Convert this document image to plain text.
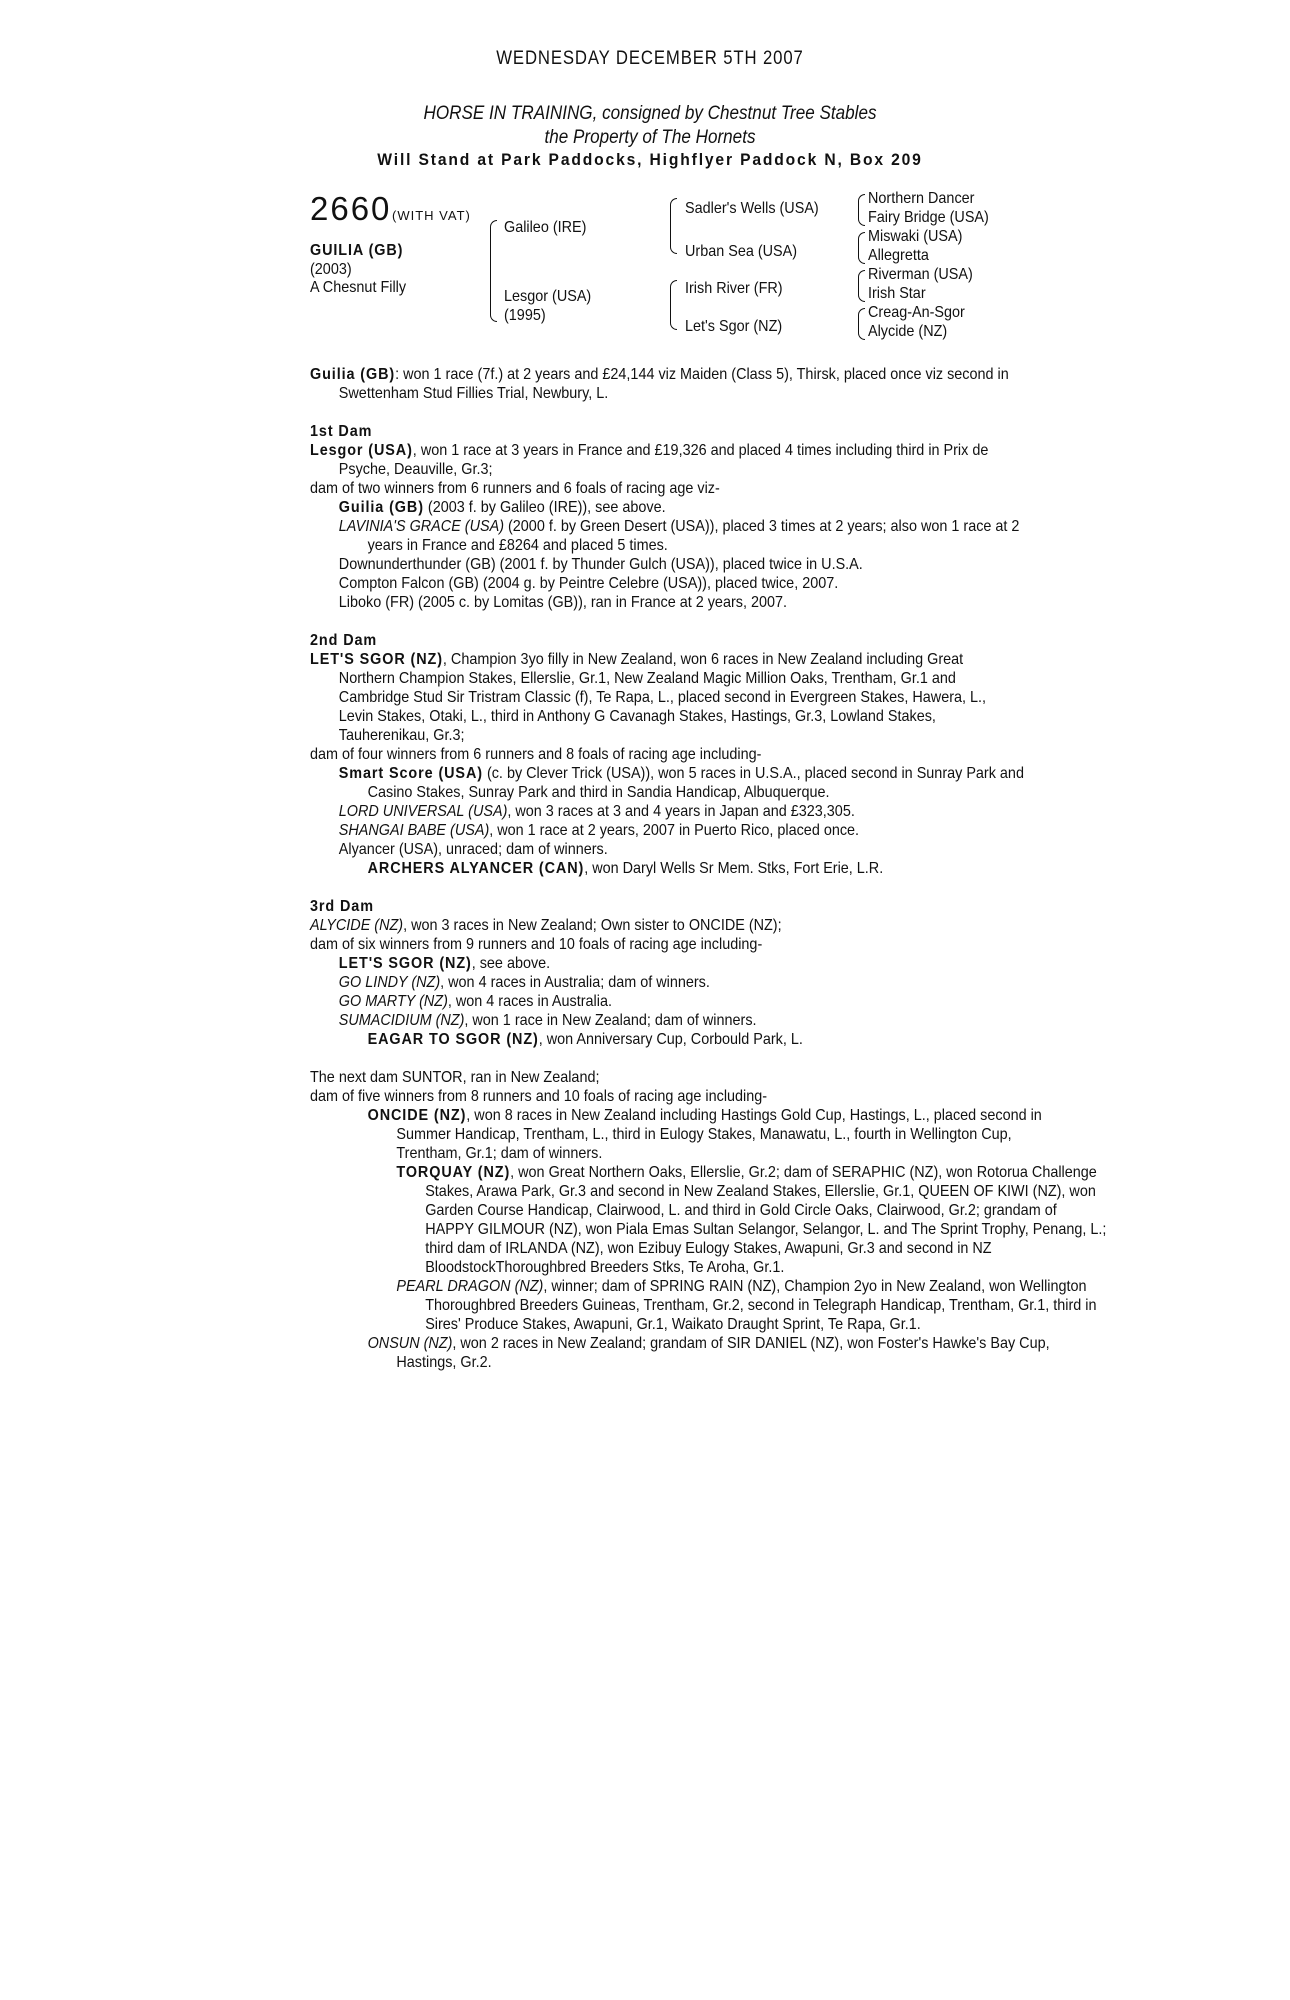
WEDNESDAY DECEMBER 5TH 2007
HORSE IN TRAINING, consigned by Chestnut Tree Stables
the Property of The Hornets
Will Stand at Park Paddocks, Highflyer Paddock N, Box 209
2660 (WITH VAT)
GUILIA (GB)
(2003)
A Chesnut Filly
Galileo (IRE)
Lesgor (USA)
(1995)
Sadler's Wells (USA)
Urban Sea (USA)
Irish River (FR)
Let's Sgor (NZ)
Northern Dancer
Fairy Bridge (USA)
Miswaki (USA)
Allegretta
Riverman (USA)
Irish Star
Creag-An-Sgor
Alycide (NZ)

Guilia (GB): won 1 race (7f.) at 2 years and £24,144 viz Maiden (Class 5), Thirsk, placed once viz second in Swettenham Stud Fillies Trial, Newbury, L.

1st Dam

Lesgor (USA), won 1 race at 3 years in France and £19,326 and placed 4 times including third in Prix de Psyche, Deauville, Gr.3;

dam of two winners from 6 runners and 6 foals of racing age viz-

Guilia (GB) (2003 f. by Galileo (IRE)), see above.

LAVINIA'S GRACE (USA) (2000 f. by Green Desert (USA)), placed 3 times at 2 years; also won 1 race at 2 years in France and £8264 and placed 5 times.

Downunderthunder (GB) (2001 f. by Thunder Gulch (USA)), placed twice in U.S.A.

Compton Falcon (GB) (2004 g. by Peintre Celebre (USA)), placed twice, 2007.

Liboko (FR) (2005 c. by Lomitas (GB)), ran in France at 2 years, 2007.

2nd Dam

LET'S SGOR (NZ), Champion 3yo filly in New Zealand, won 6 races in New Zealand including Great Northern Champion Stakes, Ellerslie, Gr.1, New Zealand Magic Million Oaks, Trentham, Gr.1 and Cambridge Stud Sir Tristram Classic (f), Te Rapa, L., placed second in Evergreen Stakes, Hawera, L., Levin Stakes, Otaki, L., third in Anthony G Cavanagh Stakes, Hastings, Gr.3, Lowland Stakes, Tauherenikau, Gr.3;

dam of four winners from 6 runners and 8 foals of racing age including-

Smart Score (USA) (c. by Clever Trick (USA)), won 5 races in U.S.A., placed second in Sunray Park and Casino Stakes, Sunray Park and third in Sandia Handicap, Albuquerque.

LORD UNIVERSAL (USA), won 3 races at 3 and 4 years in Japan and £323,305.

SHANGAI BABE (USA), won 1 race at 2 years, 2007 in Puerto Rico, placed once.

Alyancer (USA), unraced; dam of winners.

ARCHERS ALYANCER (CAN), won Daryl Wells Sr Mem. Stks, Fort Erie, L.R.

3rd Dam

ALYCIDE (NZ), won 3 races in New Zealand; Own sister to ONCIDE (NZ);

dam of six winners from 9 runners and 10 foals of racing age including-

LET'S SGOR (NZ), see above.

GO LINDY (NZ), won 4 races in Australia; dam of winners.

GO MARTY (NZ), won 4 races in Australia.

SUMACIDIUM (NZ), won 1 race in New Zealand; dam of winners.

EAGAR TO SGOR (NZ), won Anniversary Cup, Corbould Park, L.

The next dam SUNTOR, ran in New Zealand;

dam of five winners from 8 runners and 10 foals of racing age including-

ONCIDE (NZ), won 8 races in New Zealand including Hastings Gold Cup, Hastings, L., placed second in Summer Handicap, Trentham, L., third in Eulogy Stakes, Manawatu, L., fourth in Wellington Cup, Trentham, Gr.1; dam of winners.

TORQUAY (NZ), won Great Northern Oaks, Ellerslie, Gr.2; dam of SERAPHIC (NZ), won Rotorua Challenge Stakes, Arawa Park, Gr.3 and second in New Zealand Stakes, Ellerslie, Gr.1, QUEEN OF KIWI (NZ), won Garden Course Handicap, Clairwood, L. and third in Gold Circle Oaks, Clairwood, Gr.2; grandam of HAPPY GILMOUR (NZ), won Piala Emas Sultan Selangor, Selangor, L. and The Sprint Trophy, Penang, L.; third dam of IRLANDA (NZ), won Ezibuy Eulogy Stakes, Awapuni, Gr.3 and second in NZ BloodstockThoroughbred Breeders Stks, Te Aroha, Gr.1.

PEARL DRAGON (NZ), winner; dam of SPRING RAIN (NZ), Champion 2yo in New Zealand, won Wellington Thoroughbred Breeders Guineas, Trentham, Gr.2, second in Telegraph Handicap, Trentham, Gr.1, third in Sires' Produce Stakes, Awapuni, Gr.1, Waikato Draught Sprint, Te Rapa, Gr.1.

ONSUN (NZ), won 2 races in New Zealand; grandam of SIR DANIEL (NZ), won Foster's Hawke's Bay Cup, Hastings, Gr.2.
